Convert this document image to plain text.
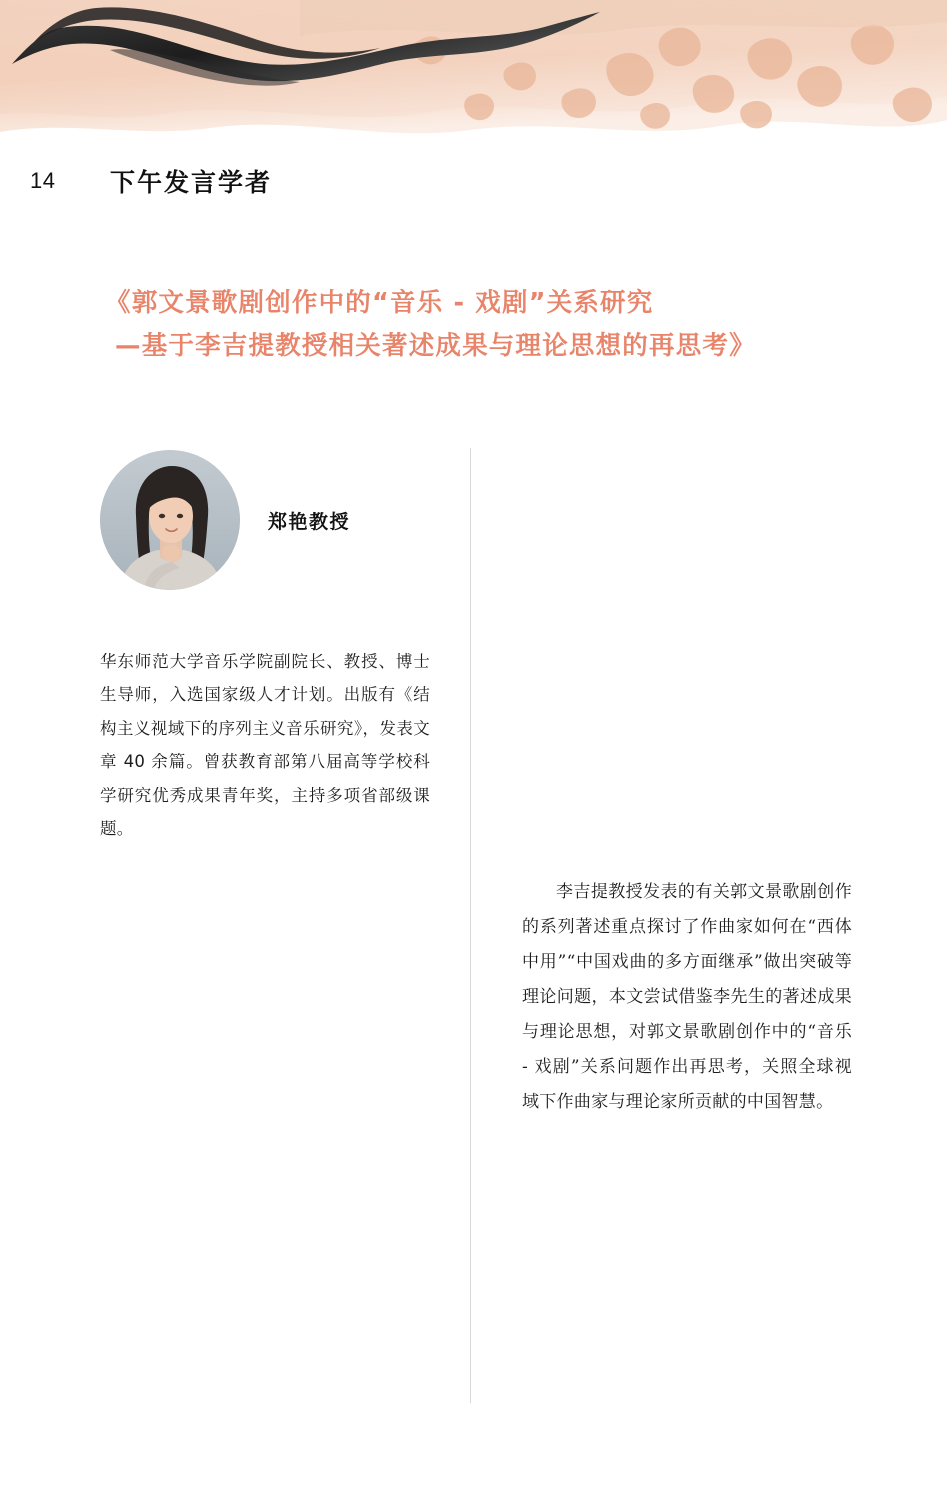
14 下午发言学者
《郭文景歌剧创作中的“音乐 - 戏剧”关系研究
—基于李吉提教授相关著述成果与理论思想的再思考》
郑艳教授
华东师范大学音乐学院副院长、教授、博士生导师，入选国家级人才计划。出版有《结构主义视域下的序列主义音乐研究》，发表文章 40 余篇。曾获教育部第八届高等学校科学研究优秀成果青年奖，主持多项省部级课题。
李吉提教授发表的有关郭文景歌剧创作的系列著述重点探讨了作曲家如何在“西体中用”“中国戏曲的多方面继承”做出突破等理论问题，本文尝试借鉴李先生的著述成果与理论思想，对郭文景歌剧创作中的“音乐 - 戏剧”关系问题作出再思考，关照全球视域下作曲家与理论家所贡献的中国智慧。
